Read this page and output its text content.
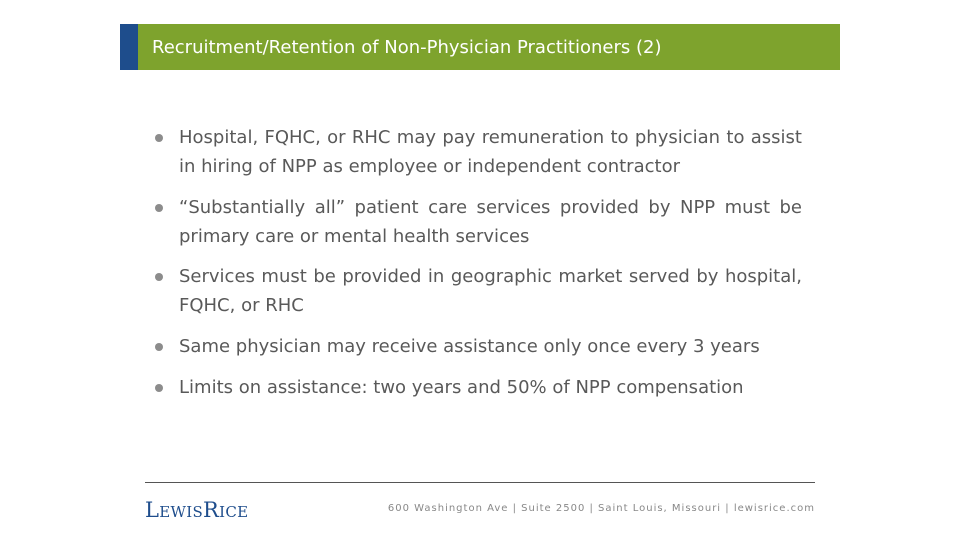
Recruitment/Retention of Non-Physician Practitioners (2)
Hospital, FQHC, or RHC may pay remuneration to physician to assist in hiring of NPP as employee or independent contractor
“Substantially all” patient care services provided by NPP must be primary care or mental health services
Services must be provided in geographic market served by hospital, FQHC, or RHC
Same physician may receive assistance only once every 3 years
Limits on assistance: two years and 50% of NPP compensation
LewisRice	600 Washington Ave | Suite 2500 | Saint Louis, Missouri | lewisrice.com
